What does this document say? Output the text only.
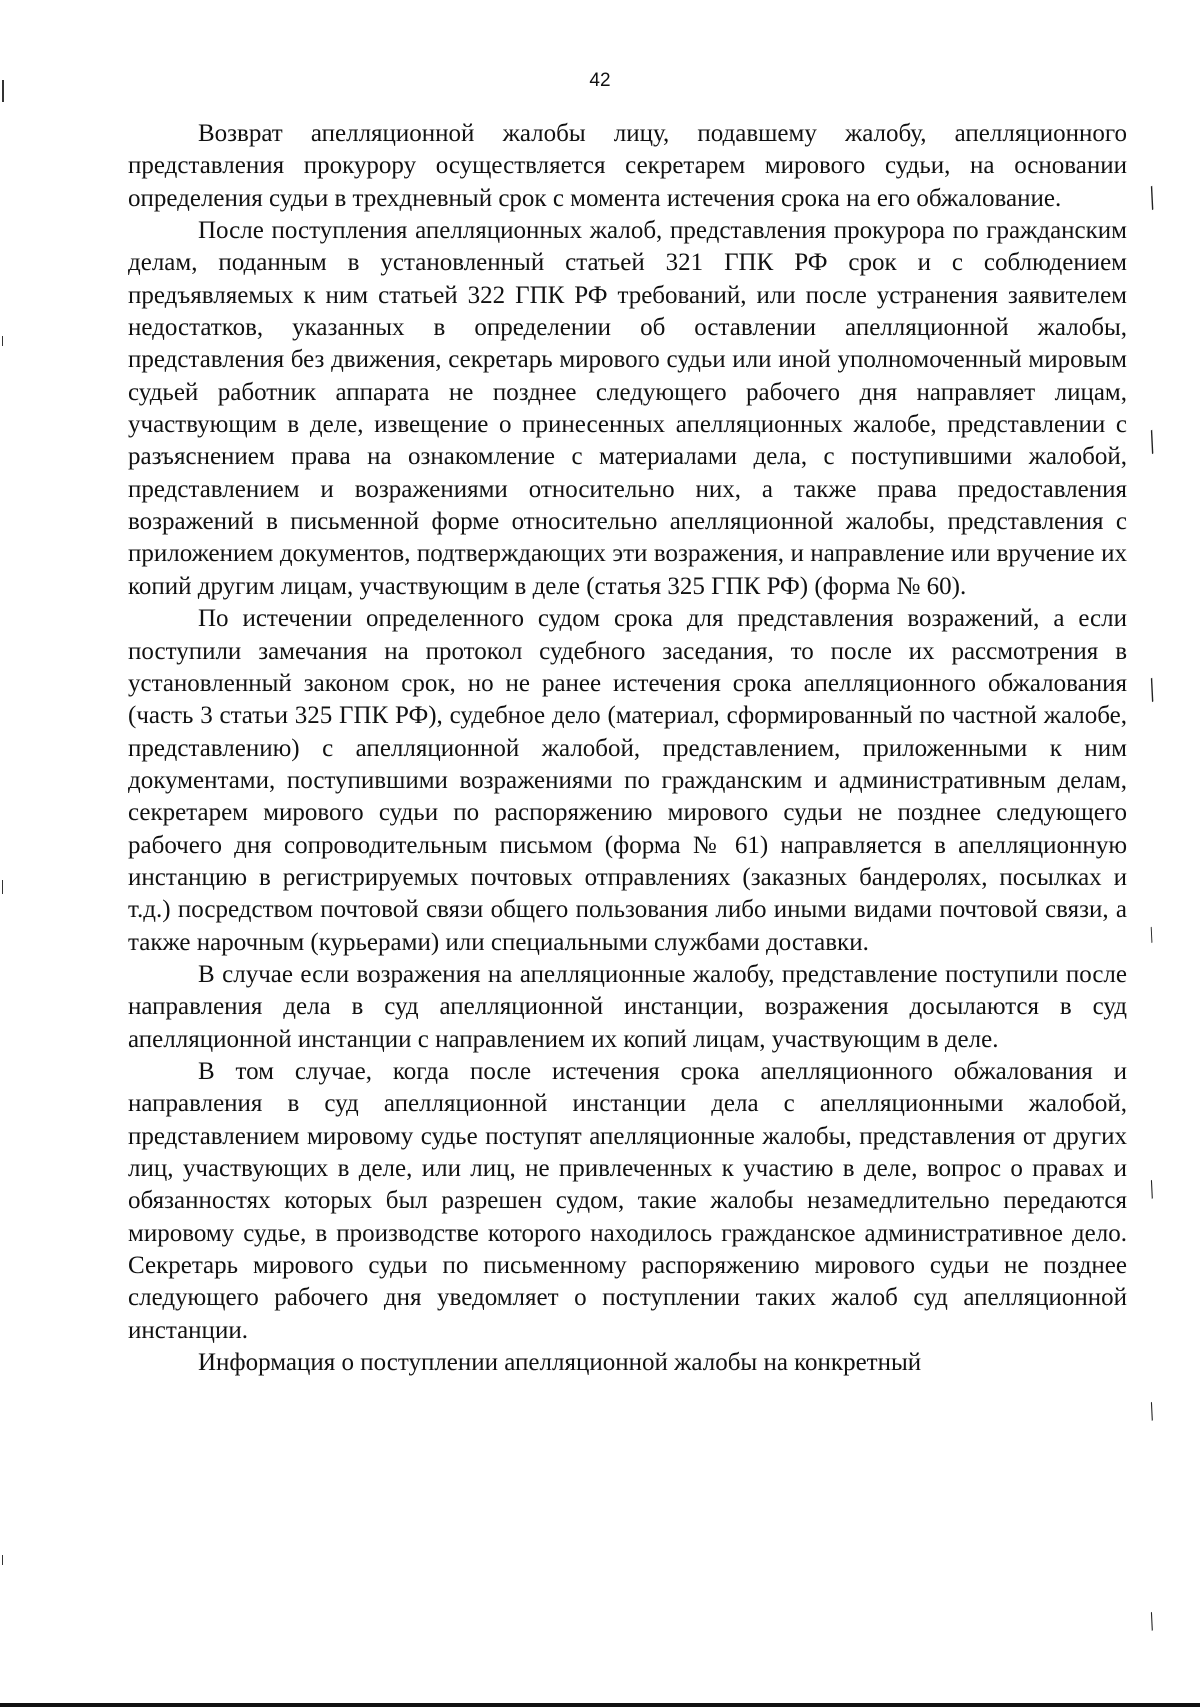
42

Возврат апелляционной жалобы лицу, подавшему жалобу, апелляционного представления прокурору осуществляется секретарем мирового судьи, на основании определения судьи в трехдневный срок с момента истечения срока на его обжалование.

После поступления апелляционных жалоб, представления прокурора по гражданским делам, поданным в установленный статьей 321 ГПК РФ срок и с соблюдением предъявляемых к ним статьей 322 ГПК РФ требований, или после устранения заявителем недостатков, указанных в определении об оставлении апелляционной жалобы, представления без движения, секретарь мирового судьи или иной уполномоченный мировым судьей работник аппарата не позднее следующего рабочего дня направляет лицам, участвующим в деле, извещение о принесенных апелляционных жалобе, представлении с разъяснением права на ознакомление с материалами дела, с поступившими жалобой, представлением и возражениями относительно них, а также права предоставления возражений в письменной форме относительно апелляционной жалобы, представления с приложением документов, подтверждающих эти возражения, и направление или вручение их копий другим лицам, участвующим в деле (статья 325 ГПК РФ) (форма № 60).

По истечении определенного судом срока для представления возражений, а если поступили замечания на протокол судебного заседания, то после их рассмотрения в установленный законом срок, но не ранее истечения срока апелляционного обжалования (часть 3 статьи 325 ГПК РФ), судебное дело (материал, сформированный по частной жалобе, представлению) с апелляционной жалобой, представлением, приложенными к ним документами, поступившими возражениями по гражданским и административным делам, секретарем мирового судьи по распоряжению мирового судьи не позднее следующего рабочего дня сопроводительным письмом (форма № 61) направляется в апелляционную инстанцию в регистрируемых почтовых отправлениях (заказных бандеролях, посылках и т.д.) посредством почтовой связи общего пользования либо иными видами почтовой связи, а также нарочным (курьерами) или специальными службами доставки.

В случае если возражения на апелляционные жалобу, представление поступили после направления дела в суд апелляционной инстанции, возражения досылаются в суд апелляционной инстанции с направлением их копий лицам, участвующим в деле.

В том случае, когда после истечения срока апелляционного обжалования и направления в суд апелляционной инстанции дела с апелляционными жалобой, представлением мировому судье поступят апелляционные жалобы, представления от других лиц, участвующих в деле, или лиц, не привлеченных к участию в деле, вопрос о правах и обязанностях которых был разрешен судом, такие жалобы незамедлительно передаются мировому судье, в производстве которого находилось гражданское административное дело. Секретарь мирового судьи по письменному распоряжению мирового судьи не позднее следующего рабочего дня уведомляет о поступлении таких жалоб суд апелляционной инстанции.

Информация о поступлении апелляционной жалобы на конкретный

╱
╱
╱
╱
╱
╱
╱
